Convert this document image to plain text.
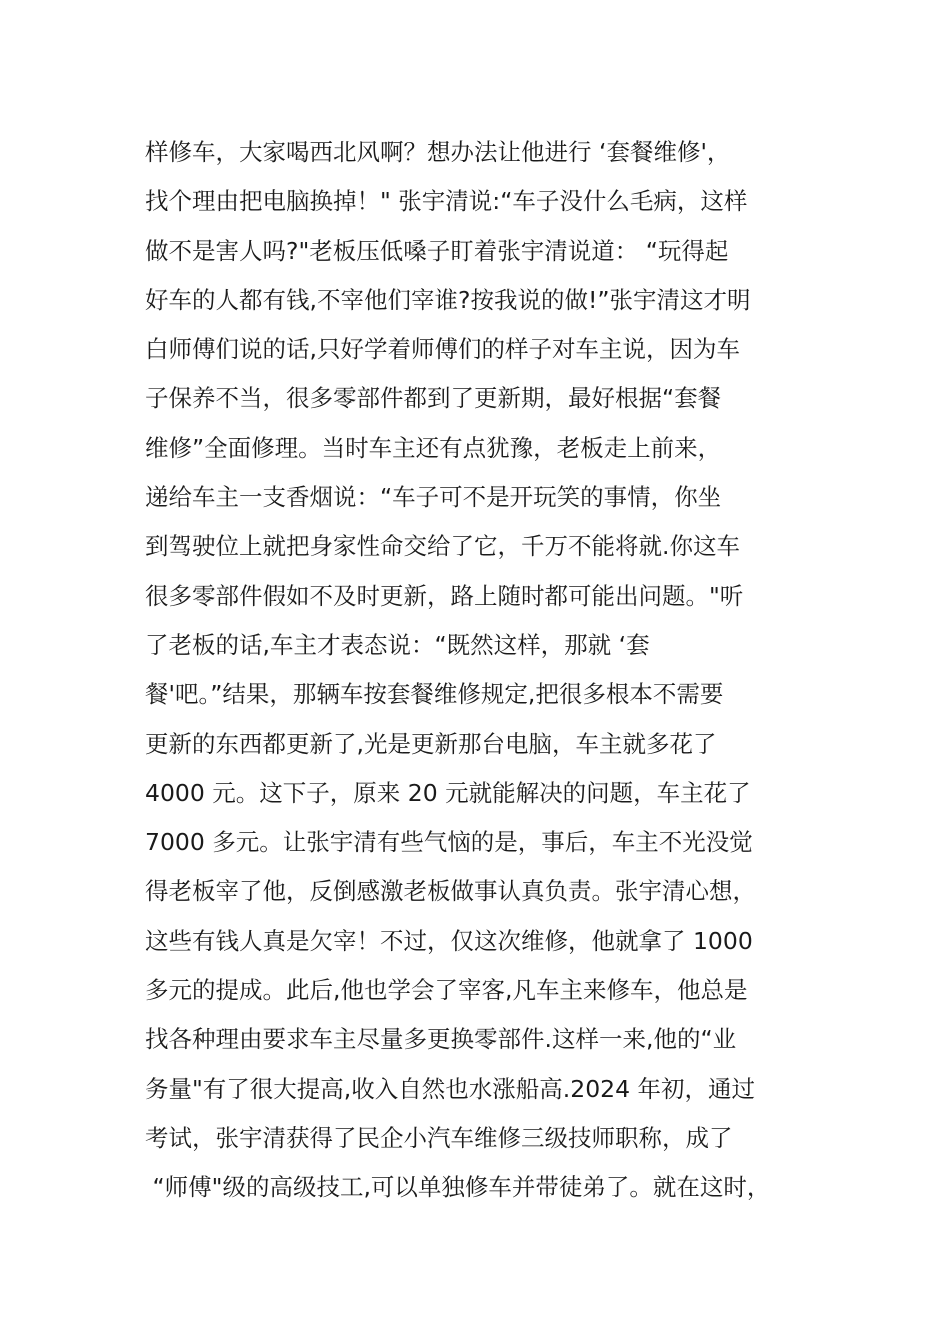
样修车，大家喝西北风啊？想办法让他进行 ‘套餐维修'，
找个理由把电脑换掉！" 张宇清说:“车子没什么毛病，这样
做不是害人吗?"老板压低嗓子盯着张宇清说道： “玩得起
好车的人都有钱,不宰他们宰谁?按我说的做!”张宇清这才明
白师傅们说的话,只好学着师傅们的样子对车主说，因为车
子保养不当，很多零部件都到了更新期，最好根据“套餐
维修”全面修理。当时车主还有点犹豫，老板走上前来，
递给车主一支香烟说：“车子可不是开玩笑的事情，你坐
到驾驶位上就把身家性命交给了它，千万不能将就.你这车
很多零部件假如不及时更新，路上随时都可能出问题。"听
了老板的话,车主才表态说：“既然这样，那就 ‘套
餐'吧。”结果，那辆车按套餐维修规定,把很多根本不需要
更新的东西都更新了,光是更新那台电脑，车主就多花了
4000 元。这下子，原来 20 元就能解决的问题，车主花了
7000 多元。让张宇清有些气恼的是，事后，车主不光没觉
得老板宰了他，反倒感激老板做事认真负责。张宇清心想，
这些有钱人真是欠宰！不过，仅这次维修，他就拿了 1000
多元的提成。此后,他也学会了宰客,凡车主来修车，他总是
找各种理由要求车主尽量多更换零部件.这样一来,他的“业
务量"有了很大提高,收入自然也水涨船高.2024 年初，通过
考试，张宇清获得了民企小汽车维修三级技师职称，成了
“师傅"级的高级技工,可以单独修车并带徒弟了。就在这时，
